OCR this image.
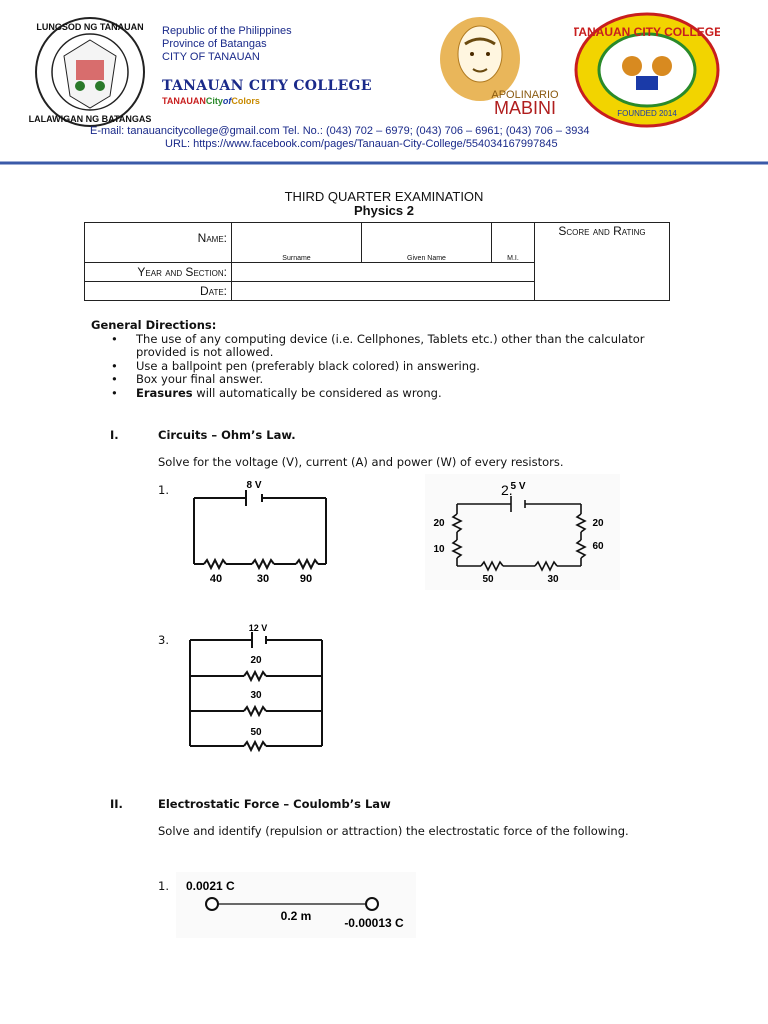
LUNGSOD NG TANAUAN
LALAWIGAN NG BATANGAS
Republic of the Philippines
Province of Batangas
CITY OF TANAUAN
TANAUAN CITY COLLEGE
TANAUANCityofColors	APOLINARIO
MABINI
TANAUAN CITY COLLEGE
FOUNDED 2014
E-mail: tanauancitycollege@gmail.com Tel. No.: (043) 702 – 6979; (043) 706 – 6961; (043) 706 – 3934
URL: https://www.facebook.com/pages/Tanauan-City-College/554034167997845
THIRD QUARTER EXAMINATION
Physics 2
Name:	Surname	Given Name	M.I.	Score and Rating
Year and Section:				
Date:				
General Directions:
• The use of any computing device (i.e. Cellphones, Tablets etc.) other than the calculator provided is not allowed.
• Use a ballpoint pen (preferably black colored) in answering.
• Box your final answer.
• Erasures will automatically be considered as wrong.
I.	Circuits – Ohm’s Law.
Solve for the voltage (V), current (A) and power (W) of every resistors.
1.	8 V
40	30	90
2.
5 V
20
10
20
60
50	30
3.
12 V
20
30
50
II.	Electrostatic Force – Coulomb’s Law
Solve and identify (repulsion or attraction) the electrostatic force of the following.
1. 0.0021 C
0.2 m	-0.00013 C
